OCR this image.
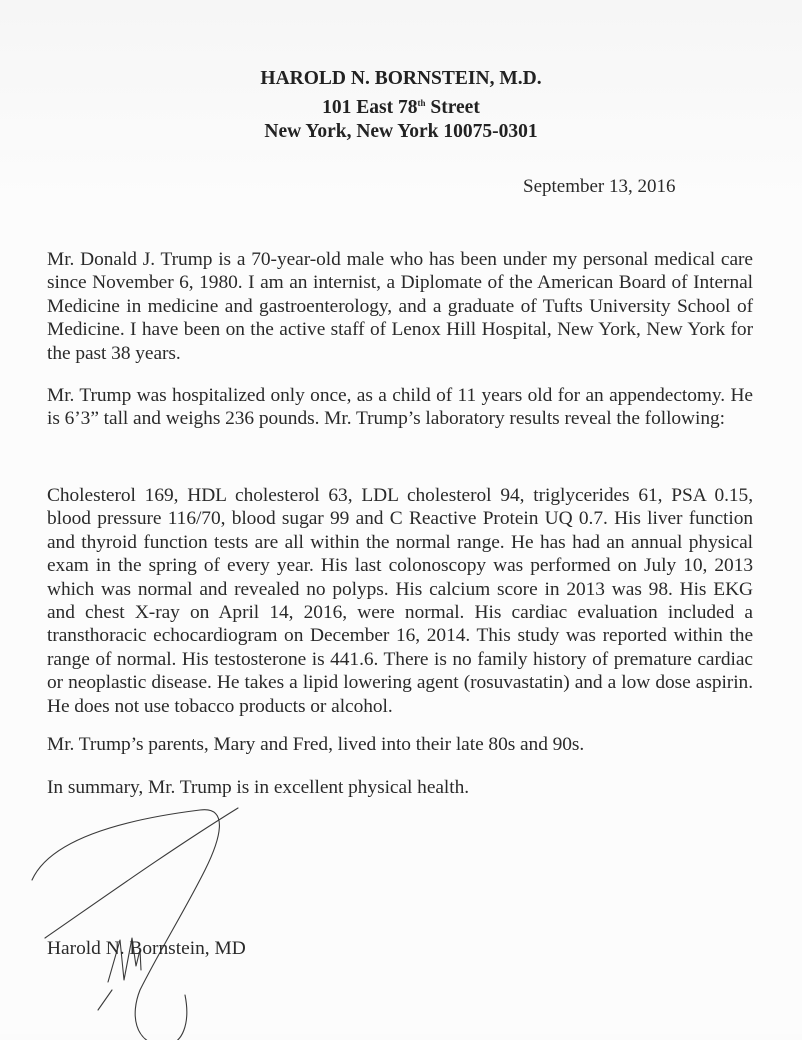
HAROLD N. BORNSTEIN, M.D.
101 East 78th Street
New York, New York 10075-0301
September 13, 2016
Mr. Donald J. Trump is a 70-year-old male who has been under my personal medical care since November 6, 1980. I am an internist, a Diplomate of the American Board of Internal Medicine in medicine and gastroenterology, and a graduate of Tufts University School of Medicine. I have been on the active staff of Lenox Hill Hospital, New York, New York for the past 38 years.
Mr. Trump was hospitalized only once, as a child of 11 years old for an appendectomy. He is 6’3” tall and weighs 236 pounds. Mr. Trump’s laboratory results reveal the following:
Cholesterol 169, HDL cholesterol 63, LDL cholesterol 94, triglycerides 61, PSA 0.15, blood pressure 116/70, blood sugar 99 and C Reactive Protein UQ 0.7. His liver function and thyroid function tests are all within the normal range. He has had an annual physical exam in the spring of every year. His last colonoscopy was performed on July 10, 2013 which was normal and revealed no polyps. His calcium score in 2013 was 98. His EKG and chest X-ray on April 14, 2016, were normal. His cardiac evaluation included a transthoracic echocardiogram on December 16, 2014. This study was reported within the range of normal. His testosterone is 441.6. There is no family history of premature cardiac or neoplastic disease. He takes a lipid lowering agent (rosuvastatin) and a low dose aspirin. He does not use tobacco products or alcohol.
Mr. Trump’s parents, Mary and Fred, lived into their late 80s and 90s.
In summary, Mr. Trump is in excellent physical health.
Harold N. Bornstein, MD
